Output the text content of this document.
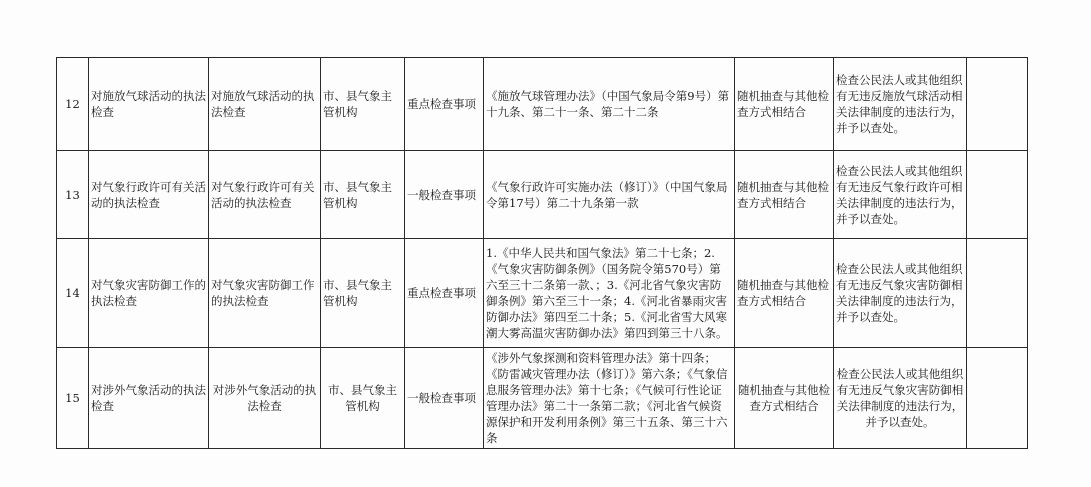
12	对施放气球活动的执法检查	对施放气球活动的执法检查	市、县气象主管机构	重点检查事项	《施放气球管理办法》（中国气象局令第9号）第十九条、第二十一条、第二十二条	随机抽查与其他检查方式相结合	检查公民法人或其他组织有无违反施放气球活动相关法律制度的违法行为，并予以查处。	
13	对气象行政许可有关活动的执法检查	对气象行政许可有关活动的执法检查	市、县气象主管机构	一般检查事项	《气象行政许可实施办法（修订）》（中国气象局令第17号）第二十九条第一款	随机抽查与其他检查方式相结合	检查公民法人或其他组织有无违反气象行政许可相关法律制度的违法行为，并予以查处。	
14	对气象灾害防御工作的执法检查	对气象灾害防御工作的执法检查	市、县气象主管机构	重点检查事项	1.《中华人民共和国气象法》第二十七条；2.《气象灾害防御条例》（国务院令第570号）第六至三十二条第一款、；3.《河北省气象灾害防御条例》第六至三十一条；4.《河北省暴雨灾害防御办法》第四至二十条；5.《河北省雪大风寒潮大雾高温灾害防御办法》第四到第三十八条。	随机抽查与其他检查方式相结合	检查公民法人或其他组织有无违反气象灾害防御相关法律制度的违法行为，并予以查处。	
15	对涉外气象活动的执法检查	对涉外气象活动的执法检查	市、县气象主管机构	一般检查事项	《涉外气象探测和资料管理办法》第十四条；《防雷减灾管理办法（修订）》第六条；《气象信息服务管理办法》第十七条；《气候可行性论证管理办法》第二十一条第二款；《河北省气候资源保护和开发利用条例》第三十五条、第三十六条	随机抽查与其他检查方式相结合	检查公民法人或其他组织有无违反气象灾害防御相关法律制度的违法行为，并予以查处。	
